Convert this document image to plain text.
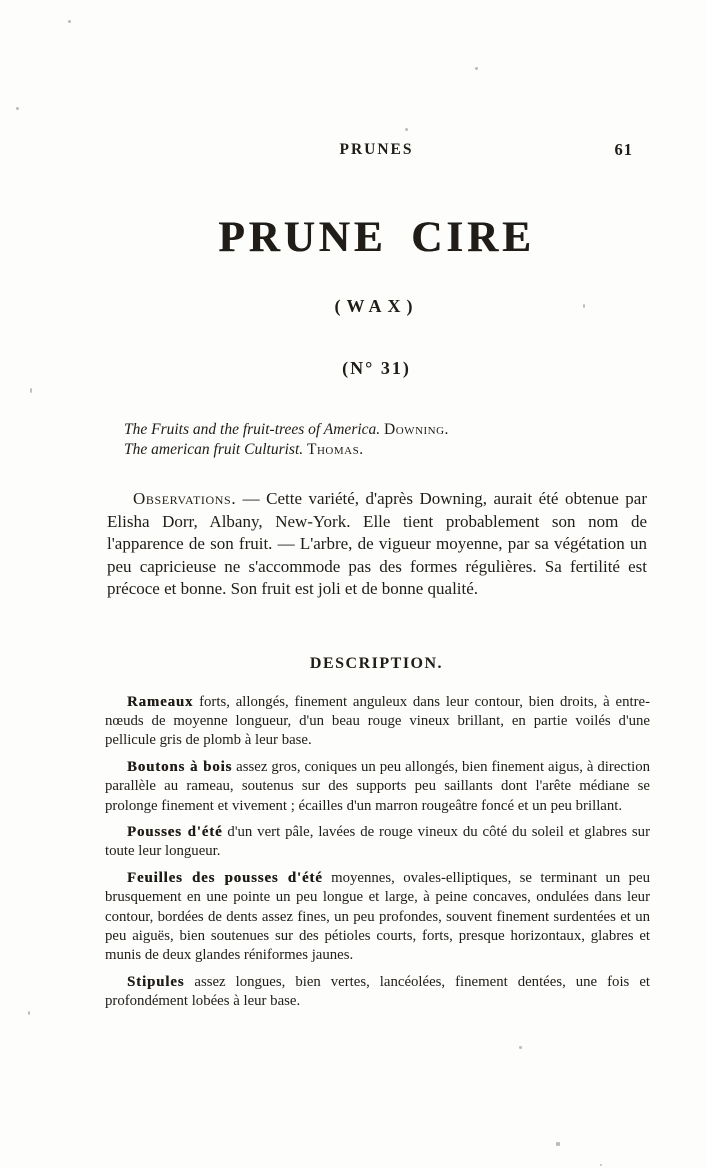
PRUNES	61
PRUNE CIRE
(WAX)
(N° 31)
The Fruits and the fruit-trees of America. Downing.
The american fruit Culturist. Thomas.

Observations. — Cette variété, d'après Downing, aurait été obtenue par Elisha Dorr, Albany, New-York. Elle tient probablement son nom de l'apparence de son fruit. — L'arbre, de vigueur moyenne, par sa végétation un peu capricieuse ne s'accommode pas des formes régulières. Sa fertilité est précoce et bonne. Son fruit est joli et de bonne qualité.

DESCRIPTION.

Rameaux forts, allongés, finement anguleux dans leur contour, bien droits, à entre-nœuds de moyenne longueur, d'un beau rouge vineux brillant, en partie voilés d'une pellicule gris de plomb à leur base.

Boutons à bois assez gros, coniques un peu allongés, bien finement aigus, à direction parallèle au rameau, soutenus sur des supports peu saillants dont l'arête médiane se prolonge finement et vivement ; écailles d'un marron rougeâtre foncé et un peu brillant.

Pousses d'été d'un vert pâle, lavées de rouge vineux du côté du soleil et glabres sur toute leur longueur.

Feuilles des pousses d'été moyennes, ovales-elliptiques, se terminant un peu brusquement en une pointe un peu longue et large, à peine concaves, ondulées dans leur contour, bordées de dents assez fines, un peu profondes, souvent finement surdentées et un peu aiguës, bien soutenues sur des pétioles courts, forts, presque horizontaux, glabres et munis de deux glandes réniformes jaunes.

Stipules assez longues, bien vertes, lancéolées, finement dentées, une fois et profondément lobées à leur base.
